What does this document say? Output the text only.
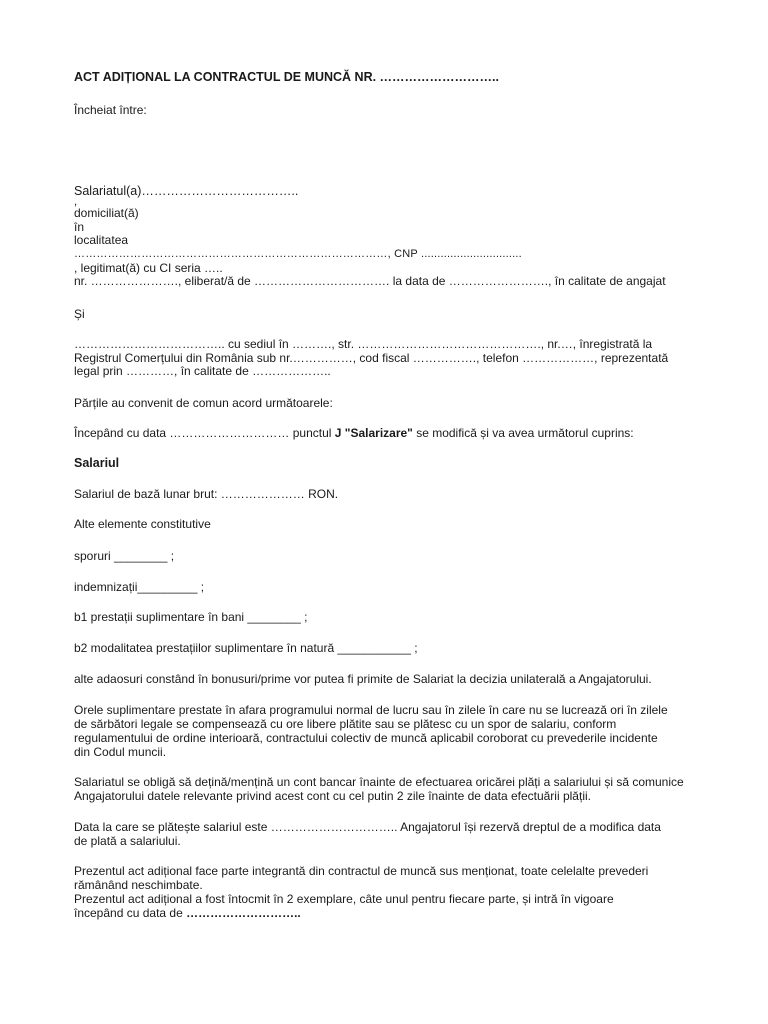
ACT ADIȚIONAL LA CONTRACTUL DE MUNCĂ NR. ………………………..

Încheiat între:

Salariatul(a)………………………………..

,

domiciliat(ă)

în

localitatea

…………………………………………………………………………, CNP ...............................

, legitimat(ă) cu CI seria …..

nr. …………………., eliberat/ă de ……………………………. la data de ……………………., în calitate de angajat

Și

……………………………….. cu sediul în ………., str. ………………………………………., nr.…, înregistrată la

Registrul Comerțului din România sub nr.……………, cod fiscal ……………., telefon ………………, reprezentată

legal prin …………, în calitate de ………………..

Părțile au convenit de comun acord următoarele:

Începând cu data ………………………… punctul J "Salarizare" se modifică și va avea următorul cuprins:

Salariul

Salariul de bază lunar brut: ………………… RON.

Alte elemente constitutive

sporuri ________ ;

indemnizații_________ ;

b1 prestații suplimentare în bani ________ ;

b2 modalitatea prestațiilor suplimentare în natură ___________ ;

alte adaosuri constând în bonusuri/prime vor putea fi primite de Salariat la decizia unilaterală a Angajatorului.

Orele suplimentare prestate în afara programului normal de lucru sau în zilele în care nu se lucrează ori în zilele

de sărbători legale se compensează cu ore libere plătite sau se plătesc cu un spor de salariu, conform

regulamentului de ordine interioară, contractului colectiv de muncă aplicabil coroborat cu prevederile incidente

din Codul muncii.

Salariatul se obligă să dețină/mențină un cont bancar înainte de efectuarea oricărei plăți a salariului și să comunice

Angajatorului datele relevante privind acest cont cu cel putin 2 zile înainte de data efectuării plății.

Data la care se plătește salariul este ………………………….. Angajatorul își rezervă dreptul de a modifica data

de plată a salariului.

Prezentul act adițional face parte integrantă din contractul de muncă sus menționat, toate celelalte prevederi

rămânând neschimbate.

Prezentul act adițional a fost întocmit în 2 exemplare, câte unul pentru fiecare parte, și intră în vigoare

începând cu data de ………………………..
